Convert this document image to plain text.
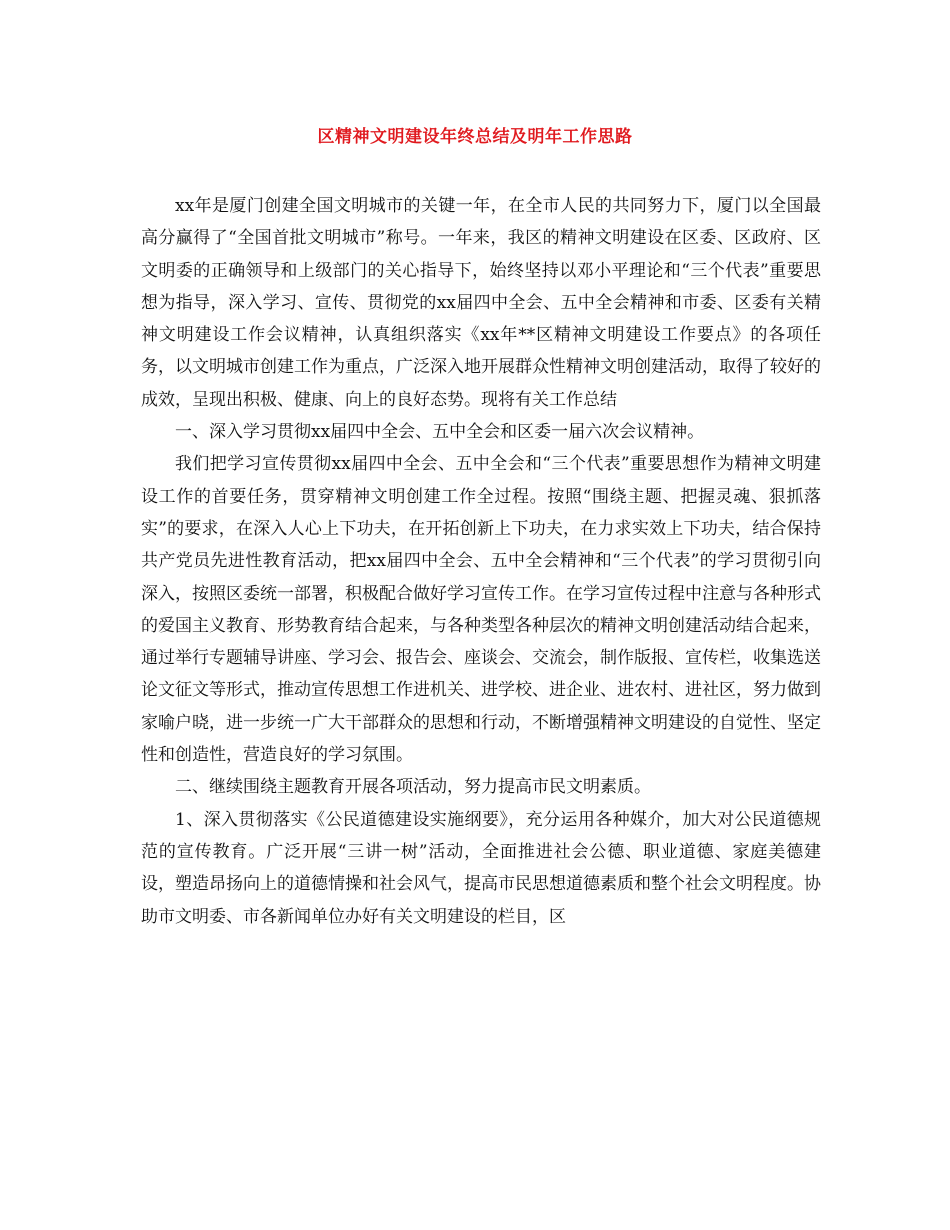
区精神文明建设年终总结及明年工作思路

xx年是厦门创建全国文明城市的关键一年，在全市人民的共同努力下，厦门以全国最高分赢得了“全国首批文明城市”称号。一年来，我区的精神文明建设在区委、区政府、区文明委的正确领导和上级部门的关心指导下，始终坚持以邓小平理论和“三个代表”重要思想为指导，深入学习、宣传、贯彻党的xx届四中全会、五中全会精神和市委、区委有关精神文明建设工作会议精神，认真组织落实《xx年**区精神文明建设工作要点》的各项任务，以文明城市创建工作为重点，广泛深入地开展群众性精神文明创建活动，取得了较好的成效，呈现出积极、健康、向上的良好态势。现将有关工作总结

一、深入学习贯彻xx届四中全会、五中全会和区委一届六次会议精神。

我们把学习宣传贯彻xx届四中全会、五中全会和“三个代表”重要思想作为精神文明建设工作的首要任务，贯穿精神文明创建工作全过程。按照“围绕主题、把握灵魂、狠抓落实”的要求，在深入人心上下功夫，在开拓创新上下功夫，在力求实效上下功夫，结合保持共产党员先进性教育活动，把xx届四中全会、五中全会精神和“三个代表”的学习贯彻引向深入，按照区委统一部署，积极配合做好学习宣传工作。在学习宣传过程中注意与各种形式的爱国主义教育、形势教育结合起来，与各种类型各种层次的精神文明创建活动结合起来，通过举行专题辅导讲座、学习会、报告会、座谈会、交流会，制作版报、宣传栏，收集选送论文征文等形式，推动宣传思想工作进机关、进学校、进企业、进农村、进社区，努力做到家喻户晓，进一步统一广大干部群众的思想和行动，不断增强精神文明建设的自觉性、坚定性和创造性，营造良好的学习氛围。

二、继续围绕主题教育开展各项活动，努力提高市民文明素质。

1、深入贯彻落实《公民道德建设实施纲要》，充分运用各种媒介，加大对公民道德规范的宣传教育。广泛开展“三讲一树”活动，全面推进社会公德、职业道德、家庭美德建设，塑造昂扬向上的道德情操和社会风气，提高市民思想道德素质和整个社会文明程度。协助市文明委、市各新闻单位办好有关文明建设的栏目，区
